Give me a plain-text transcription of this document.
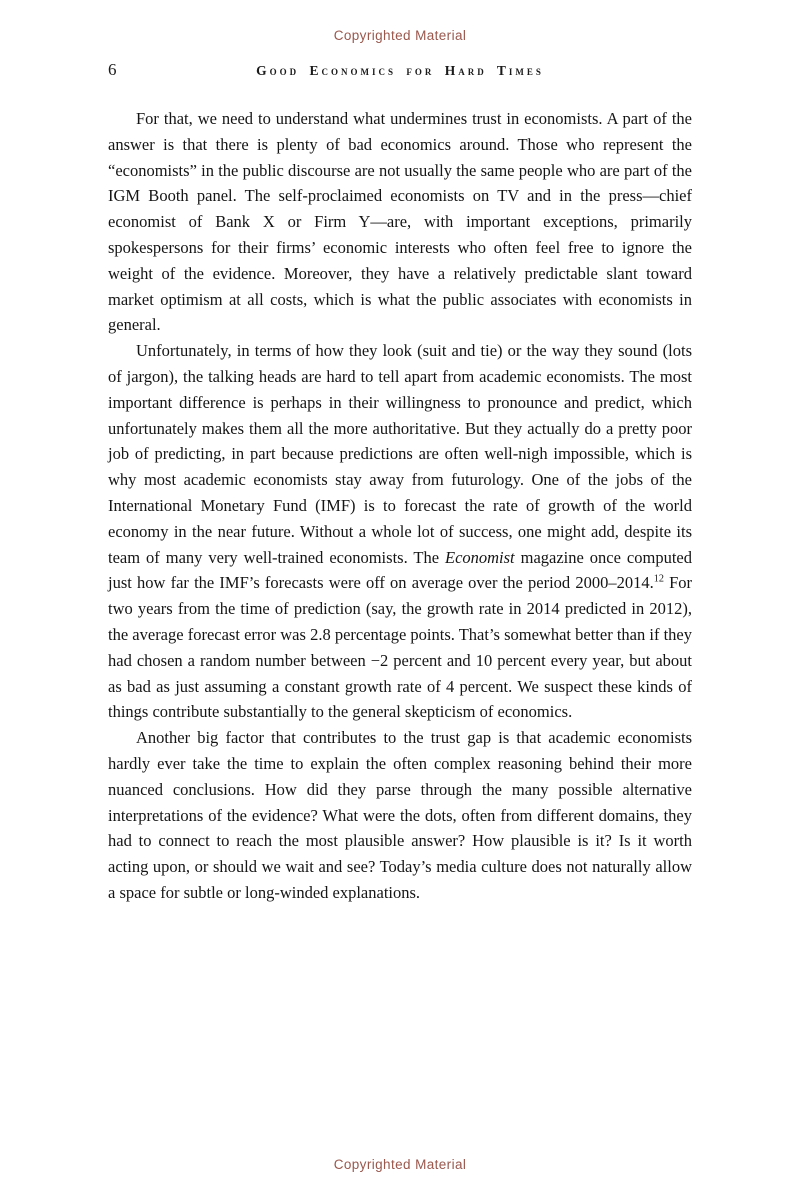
Copyrighted Material
6	Good Economics for Hard Times

For that, we need to understand what undermines trust in economists. A part of the answer is that there is plenty of bad economics around. Those who represent the “economists” in the public discourse are not usually the same people who are part of the IGM Booth panel. The self-proclaimed economists on TV and in the press—chief economist of Bank X or Firm Y—are, with important exceptions, primarily spokespersons for their firms’ economic interests who often feel free to ignore the weight of the evidence. Moreover, they have a relatively predictable slant toward market optimism at all costs, which is what the public associates with economists in general.

Unfortunately, in terms of how they look (suit and tie) or the way they sound (lots of jargon), the talking heads are hard to tell apart from academic economists. The most important difference is perhaps in their willingness to pronounce and predict, which unfortunately makes them all the more authoritative. But they actually do a pretty poor job of predicting, in part because predictions are often well-nigh impossible, which is why most academic economists stay away from futurology. One of the jobs of the International Monetary Fund (IMF) is to forecast the rate of growth of the world economy in the near future. Without a whole lot of success, one might add, despite its team of many very well-trained economists. The Economist magazine once computed just how far the IMF’s forecasts were off on average over the period 2000–2014.12 For two years from the time of prediction (say, the growth rate in 2014 predicted in 2012), the average forecast error was 2.8 percentage points. That’s somewhat better than if they had chosen a random number between −2 percent and 10 percent every year, but about as bad as just assuming a constant growth rate of 4 percent. We suspect these kinds of things contribute substantially to the general skepticism of economics.

Another big factor that contributes to the trust gap is that academic economists hardly ever take the time to explain the often complex reasoning behind their more nuanced conclusions. How did they parse through the many possible alternative interpretations of the evidence? What were the dots, often from different domains, they had to connect to reach the most plausible answer? How plausible is it? Is it worth acting upon, or should we wait and see? Today’s media culture does not naturally allow a space for subtle or long-winded explanations.

Copyrighted Material
